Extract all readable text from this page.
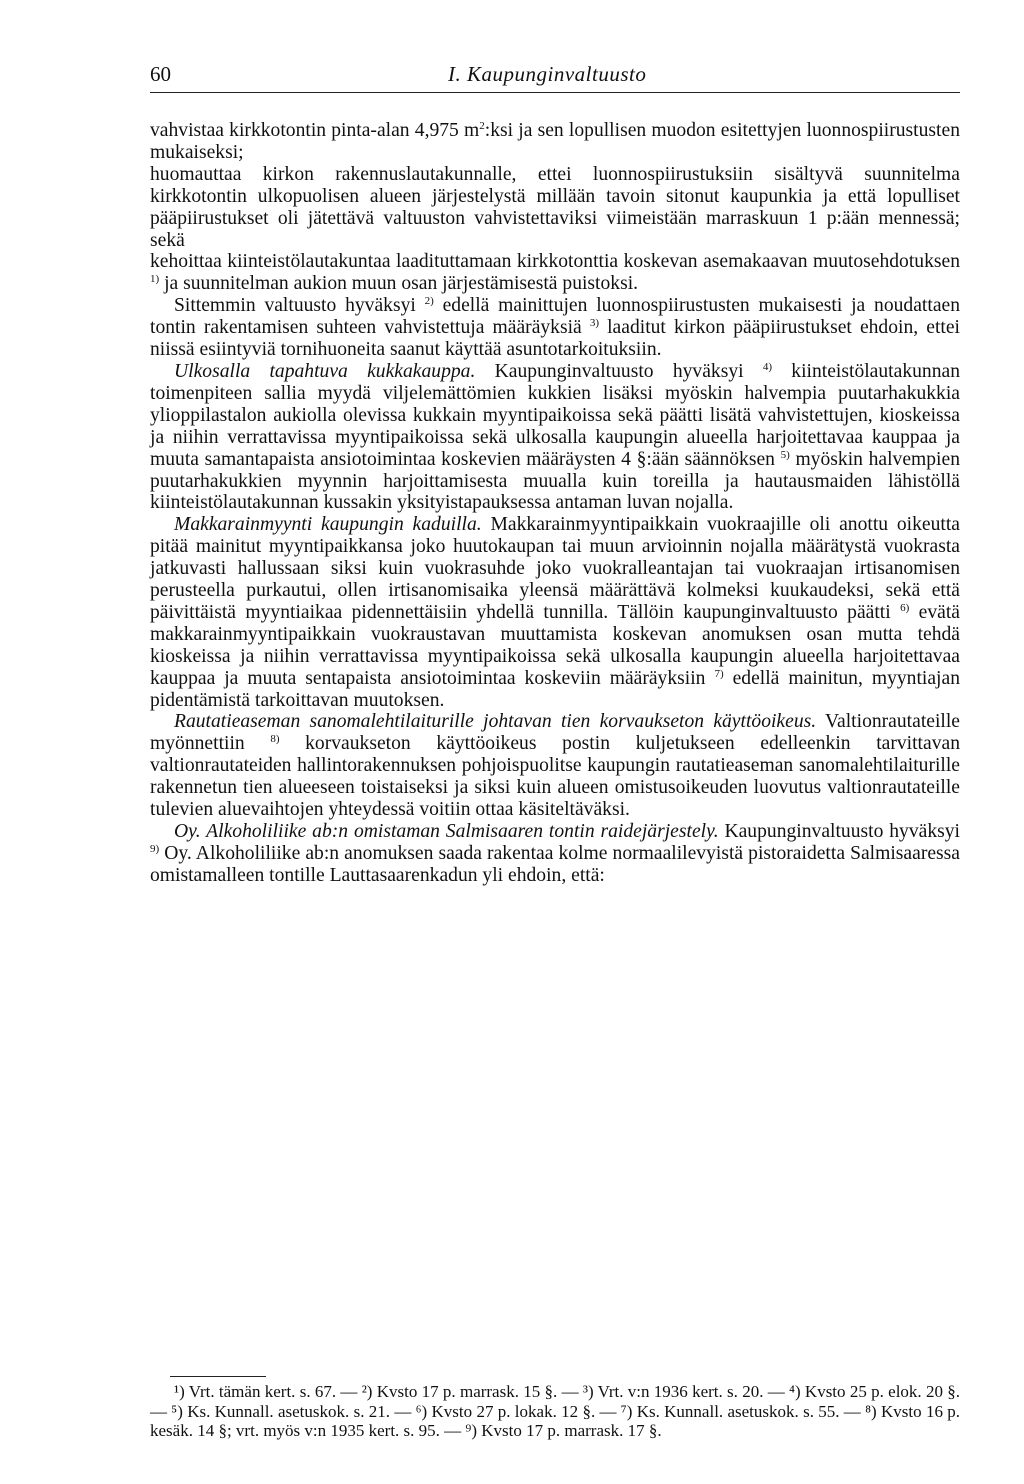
60	I. Kaupunginvaltuusto

vahvistaa kirkkotontin pinta-alan 4,975 $m^2:ksi$ ja sen lopullisen muodon esitettyjen luonnospiirustusten mukaiseksi;

huomauttaa kirkon rakennuslautakunnalle, ettei luonnospiirustuksiin sisältyvä suunnitelma kirkkotontin ulkopuolisen alueen järjestelystä millään tavoin sitonut kaupunkia ja että lopulliset pääpiirustukset oli jätettävä valtuuston vahvistettaviksi viimeistään marraskuun 1 p:ään mennessä; sekä

kehoittaa kiinteistölautakuntaa laadituttamaan kirkkotonttia koskevan asemakaavan muutosehdotuksen $^{1)}$ ja suunnitelman aukion muun osan järjestämisestä puistoksi.

Sittemmin valtuusto hyväksyi $^{2)}$ edellä mainittujen luonnospiirustusten mukaisesti ja noudattaen tontin rakentamisen suhteen vahvistettuja määräyksiä $^{3)}$ laaditut kirkon pääpiirustukset ehdoin, ettei niissä esiintyviä tornihuoneita saanut käyttää asuntotarkoituksiin.

Ulkosalla tapahtuva kukkakauppa. Kaupunginvaltuusto hyväksyi $^{4)}$ kiinteistölautakunnan toimenpiteen sallia myydä viljelemättömien kukkien lisäksi myöskin halvempia puutarhakukkia ylioppilastalon aukiolla olevissa kukkain myyntipaikoissa sekä päätti lisätä vahvistettujen, kioskeissa ja niihin verrattavissa myyntipaikoissa sekä ulkosalla kaupungin alueella harjoitettavaa kauppaa ja muuta samantapaista ansiotoimintaa koskevien määräysten 4 §:ään säännöksen $^{5)}$ myöskin halvempien puutarhakukkien myynnin harjoittamisesta muualla kuin toreilla ja hautausmaiden lähistöllä kiinteistölautakunnan kussakin yksityistapauksessa antaman luvan nojalla.

Makkarainmyynti kaupungin kaduilla. Makkarainmyyntipaikkain vuokraajille oli anottu oikeutta pitää mainitut myyntipaikkansa joko huutokaupan tai muun arvioinnin nojalla määrätystä vuokrasta jatkuvasti hallussaan siksi kuin vuokrasuhde joko vuokralleantajan tai vuokraajan irtisanomisen perusteella purkautui, ollen irtisanomisaika yleensä määrättävä kolmeksi kuukaudeksi, sekä että päivittäistä myyntiaikaa pidennettäisiin yhdellä tunnilla. Tällöin kaupunginvaltuusto päätti $^{6)}$ evätä makkarainmyyntipaikkain vuokraustavan muuttamista koskevan anomuksen osan mutta tehdä kioskeissa ja niihin verrattavissa myyntipaikoissa sekä ulkosalla kaupungin alueella harjoitettavaa kauppaa ja muuta sentapaista ansiotoimintaa koskeviin määräyksiin $^{7)}$ edellä mainitun, myyntiajan pidentämistä tarkoittavan muutoksen.

Rautatieaseman sanomalehtilaiturille johtavan tien korvaukseton käyttöoikeus. Valtionrautateille myönnettiin $^{8)}$ korvaukseton käyttöoikeus postin kuljetukseen edelleenkin tarvittavan valtionrautateiden hallintorakennuksen pohjoispuolitse kaupungin rautatieaseman sanomalehtilaiturille rakennetun tien alueeseen toistaiseksi ja siksi kuin alueen omistusoikeuden luovutus valtionrautateille tulevien aluevaihtojen yhteydessä voitiin ottaa käsiteltäväksi.

Oy. Alkoholiliike ab:n omistaman Salmisaaren tontin raidejärjestely. Kaupunginvaltuusto hyväksyi $^{9)}$ Oy. Alkoholiliike ab:n anomuksen saada rakentaa kolme normaalilevyistä pistoraidetta Salmisaaressa omistamalleen tontille Lauttasaarenkadun yli ehdoin, että:

¹) Vrt. tämän kert. s. 67. — ²) Kvsto 17 p. marrask. 15 §. — ³) Vrt. v:n 1936 kert. s. 20. — ⁴) Kvsto 25 p. elok. 20 §. — ⁵) Ks. Kunnall. asetuskok. s. 21. — ⁶) Kvsto 27 p. lokak. 12 §. — ⁷) Ks. Kunnall. asetuskok. s. 55. — ⁸) Kvsto 16 p. kesäk. 14 §; vrt. myös v:n 1935 kert. s. 95. — ⁹) Kvsto 17 p. marrask. 17 §.
